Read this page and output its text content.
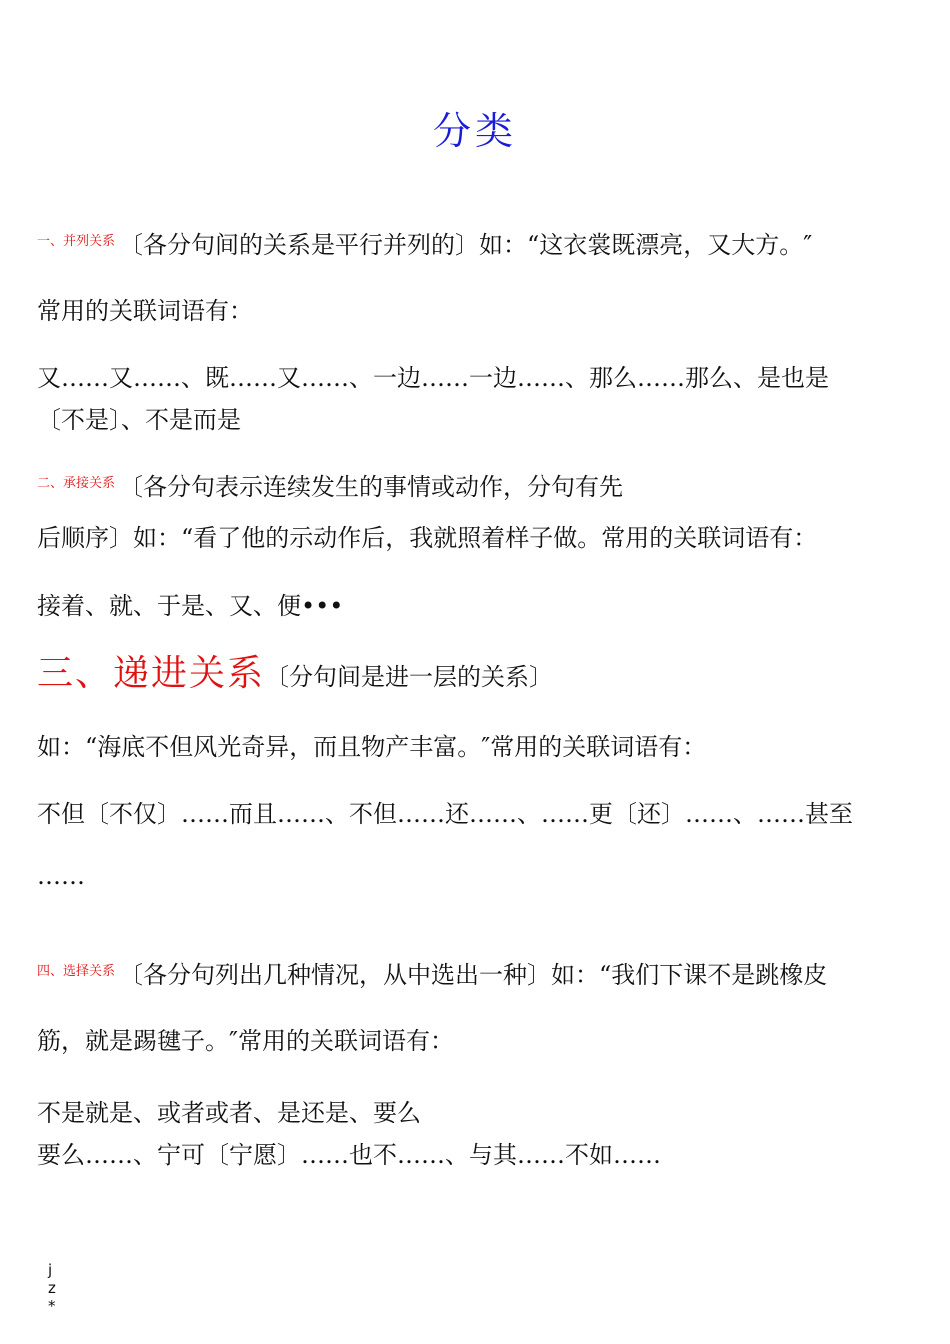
分类
$^{一、并列关系}$ 〔各分句间的关系是平行并列的〕如：“这衣裳既漂亮，又大方。″
常用的关联词语有：
又……又……、既……又……、一边……一边……、那么……那么、是也是
〔不是〕、不是而是
$^{二、承接关系}$ 〔各分句表示连续发生的事情或动作，分句有先
后顺序〕如：“看了他的示动作后，我就照着样子做。常用的关联词语有：
接着、就、于是、又、便•••
三、递进关系〔分句间是进一层的关系〕
如：“海底不但风光奇异，而且物产丰富。″常用的关联词语有：
不但〔不仅〕……而且……、不但……还……、……更〔还〕……、……甚至
……
$^{四、选择关系}$ 〔各分句列出几种情况，从中选出一种〕如：“我们下课不是跳橡皮
筋，就是踢毽子。″常用的关联词语有：
不是就是、或者或者、是还是、要么
要么……、宁可〔宁愿〕……也不……、与其……不如……
j
z
*
